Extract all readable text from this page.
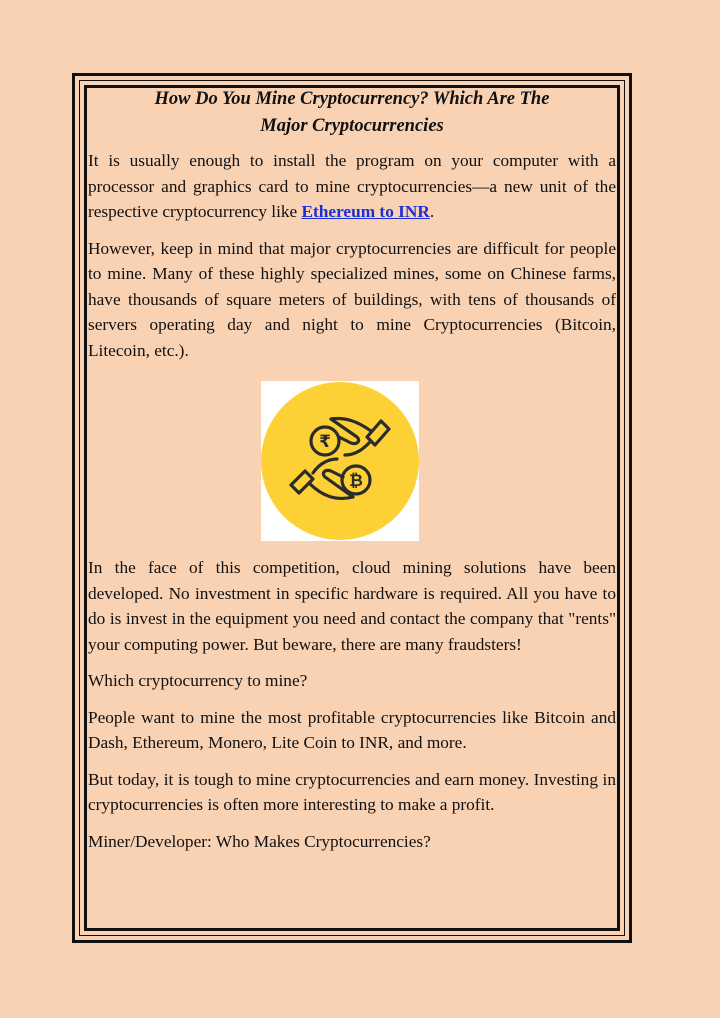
How Do You Mine Cryptocurrency? Which Are The
Major Cryptocurrencies

It is usually enough to install the program on your computer with a processor and graphics card to mine cryptocurrencies—a new unit of the respective cryptocurrency like Ethereum to INR.

However, keep in mind that major cryptocurrencies are difficult for people to mine. Many of these highly specialized mines, some on Chinese farms, have thousands of square meters of buildings, with tens of thousands of servers operating day and night to mine Cryptocurrencies (Bitcoin, Litecoin, etc.).

₹
₿

In the face of this competition, cloud mining solutions have been developed. No investment in specific hardware is required. All you have to do is invest in the equipment you need and contact the company that "rents" your computing power. But beware, there are many fraudsters!

Which cryptocurrency to mine?

People want to mine the most profitable cryptocurrencies like Bitcoin and Dash, Ethereum, Monero, Lite Coin to INR, and more.

But today, it is tough to mine cryptocurrencies and earn money. Investing in cryptocurrencies is often more interesting to make a profit.

Miner/Developer: Who Makes Cryptocurrencies?
